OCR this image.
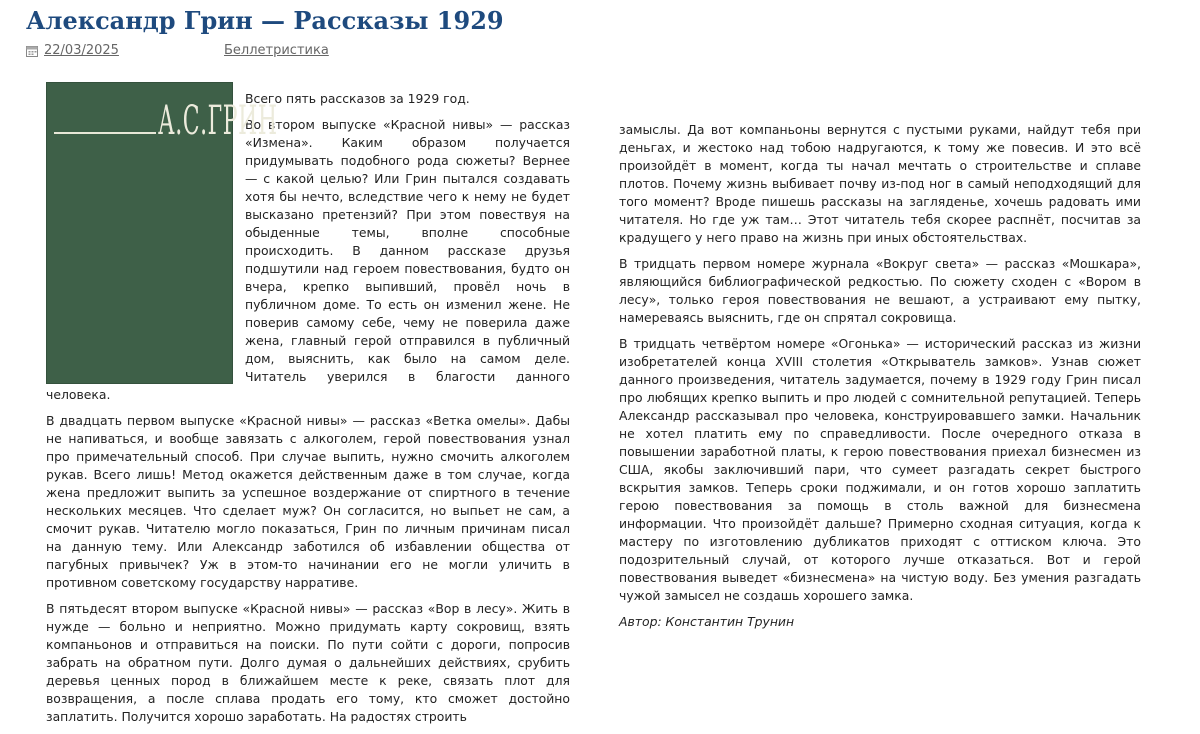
Александр Грин — Рассказы 1929
22/03/2025	Беллетристика
А.С.ГРИН

Всего пять рассказов за 1929 год.

Во втором выпуске «Красной нивы» — рассказ «Измена». Каким образом получается придумывать подобного рода сюжеты? Вернее — с какой целью? Или Грин пытался создавать хотя бы нечто, вследствие чего к нему не будет высказано претензий? При этом повествуя на обыденные темы, вполне способные происходить. В данном рассказе друзья подшутили над героем повествования, будто он вчера, крепко выпивший, провёл ночь в публичном доме. То есть он изменил жене. Не поверив самому себе, чему не поверила даже жена, главный герой отправился в публичный дом, выяснить, как было на самом деле. Читатель уверился в благости данного человека.

В двадцать первом выпуске «Красной нивы» — рассказ «Ветка омелы». Дабы не напиваться, и вообще завязать с алкоголем, герой повествования узнал про примечательный способ. При случае выпить, нужно смочить алкоголем рукав. Всего лишь! Метод окажется действенным даже в том случае, когда жена предложит выпить за успешное воздержание от спиртного в течение нескольких месяцев. Что сделает муж? Он согласится, но выпьет не сам, а смочит рукав. Читателю могло показаться, Грин по личным причинам писал на данную тему. Или Александр заботился об избавлении общества от пагубных привычек? Уж в этом-то начинании его не могли уличить в противном советскому государству нарративе.

В пятьдесят втором выпуске «Красной нивы» — рассказ «Вор в лесу». Жить в нужде — больно и неприятно. Можно придумать карту сокровищ, взять компаньонов и отправиться на поиски. По пути сойти с дороги, попросив забрать на обратном пути. Долго думая о дальнейших действиях, срубить деревья ценных пород в ближайшем месте к реке, связать плот для возвращения, а после сплава продать его тому, кто сможет достойно заплатить. Получится хорошо заработать. На радостях строить

замыслы. Да вот компаньоны вернутся с пустыми руками, найдут тебя при деньгах, и жестоко над тобою надругаются, к тому же повесив. И это всё произойдёт в момент, когда ты начал мечтать о строительстве и сплаве плотов. Почему жизнь выбивает почву из-под ног в самый неподходящий для того момент? Вроде пишешь рассказы на загляденье, хочешь радовать ими читателя. Но где уж там… Этот читатель тебя скорее распнёт, посчитав за крадущего у него право на жизнь при иных обстоятельствах.

В тридцать первом номере журнала «Вокруг света» — рассказ «Мошкара», являющийся библиографической редкостью. По сюжету сходен с «Вором в лесу», только героя повествования не вешают, а устраивают ему пытку, намереваясь выяснить, где он спрятал сокровища.

В тридцать четвёртом номере «Огонька» — исторический рассказ из жизни изобретателей конца XVIII столетия «Открыватель замков». Узнав сюжет данного произведения, читатель задумается, почему в 1929 году Грин писал про любящих крепко выпить и про людей с сомнительной репутацией. Теперь Александр рассказывал про человека, конструировавшего замки. Начальник не хотел платить ему по справедливости. После очередного отказа в повышении заработной платы, к герою повествования приехал бизнесмен из США, якобы заключивший пари, что сумеет разгадать секрет быстрого вскрытия замков. Теперь сроки поджимали, и он готов хорошо заплатить герою повествования за помощь в столь важной для бизнесмена информации. Что произойдёт дальше? Примерно сходная ситуация, когда к мастеру по изготовлению дубликатов приходят с оттиском ключа. Это подозрительный случай, от которого лучше отказаться. Вот и герой повествования выведет «бизнесмена» на чистую воду. Без умения разгадать чужой замысел не создашь хорошего замка.

Автор: Константин Трунин
